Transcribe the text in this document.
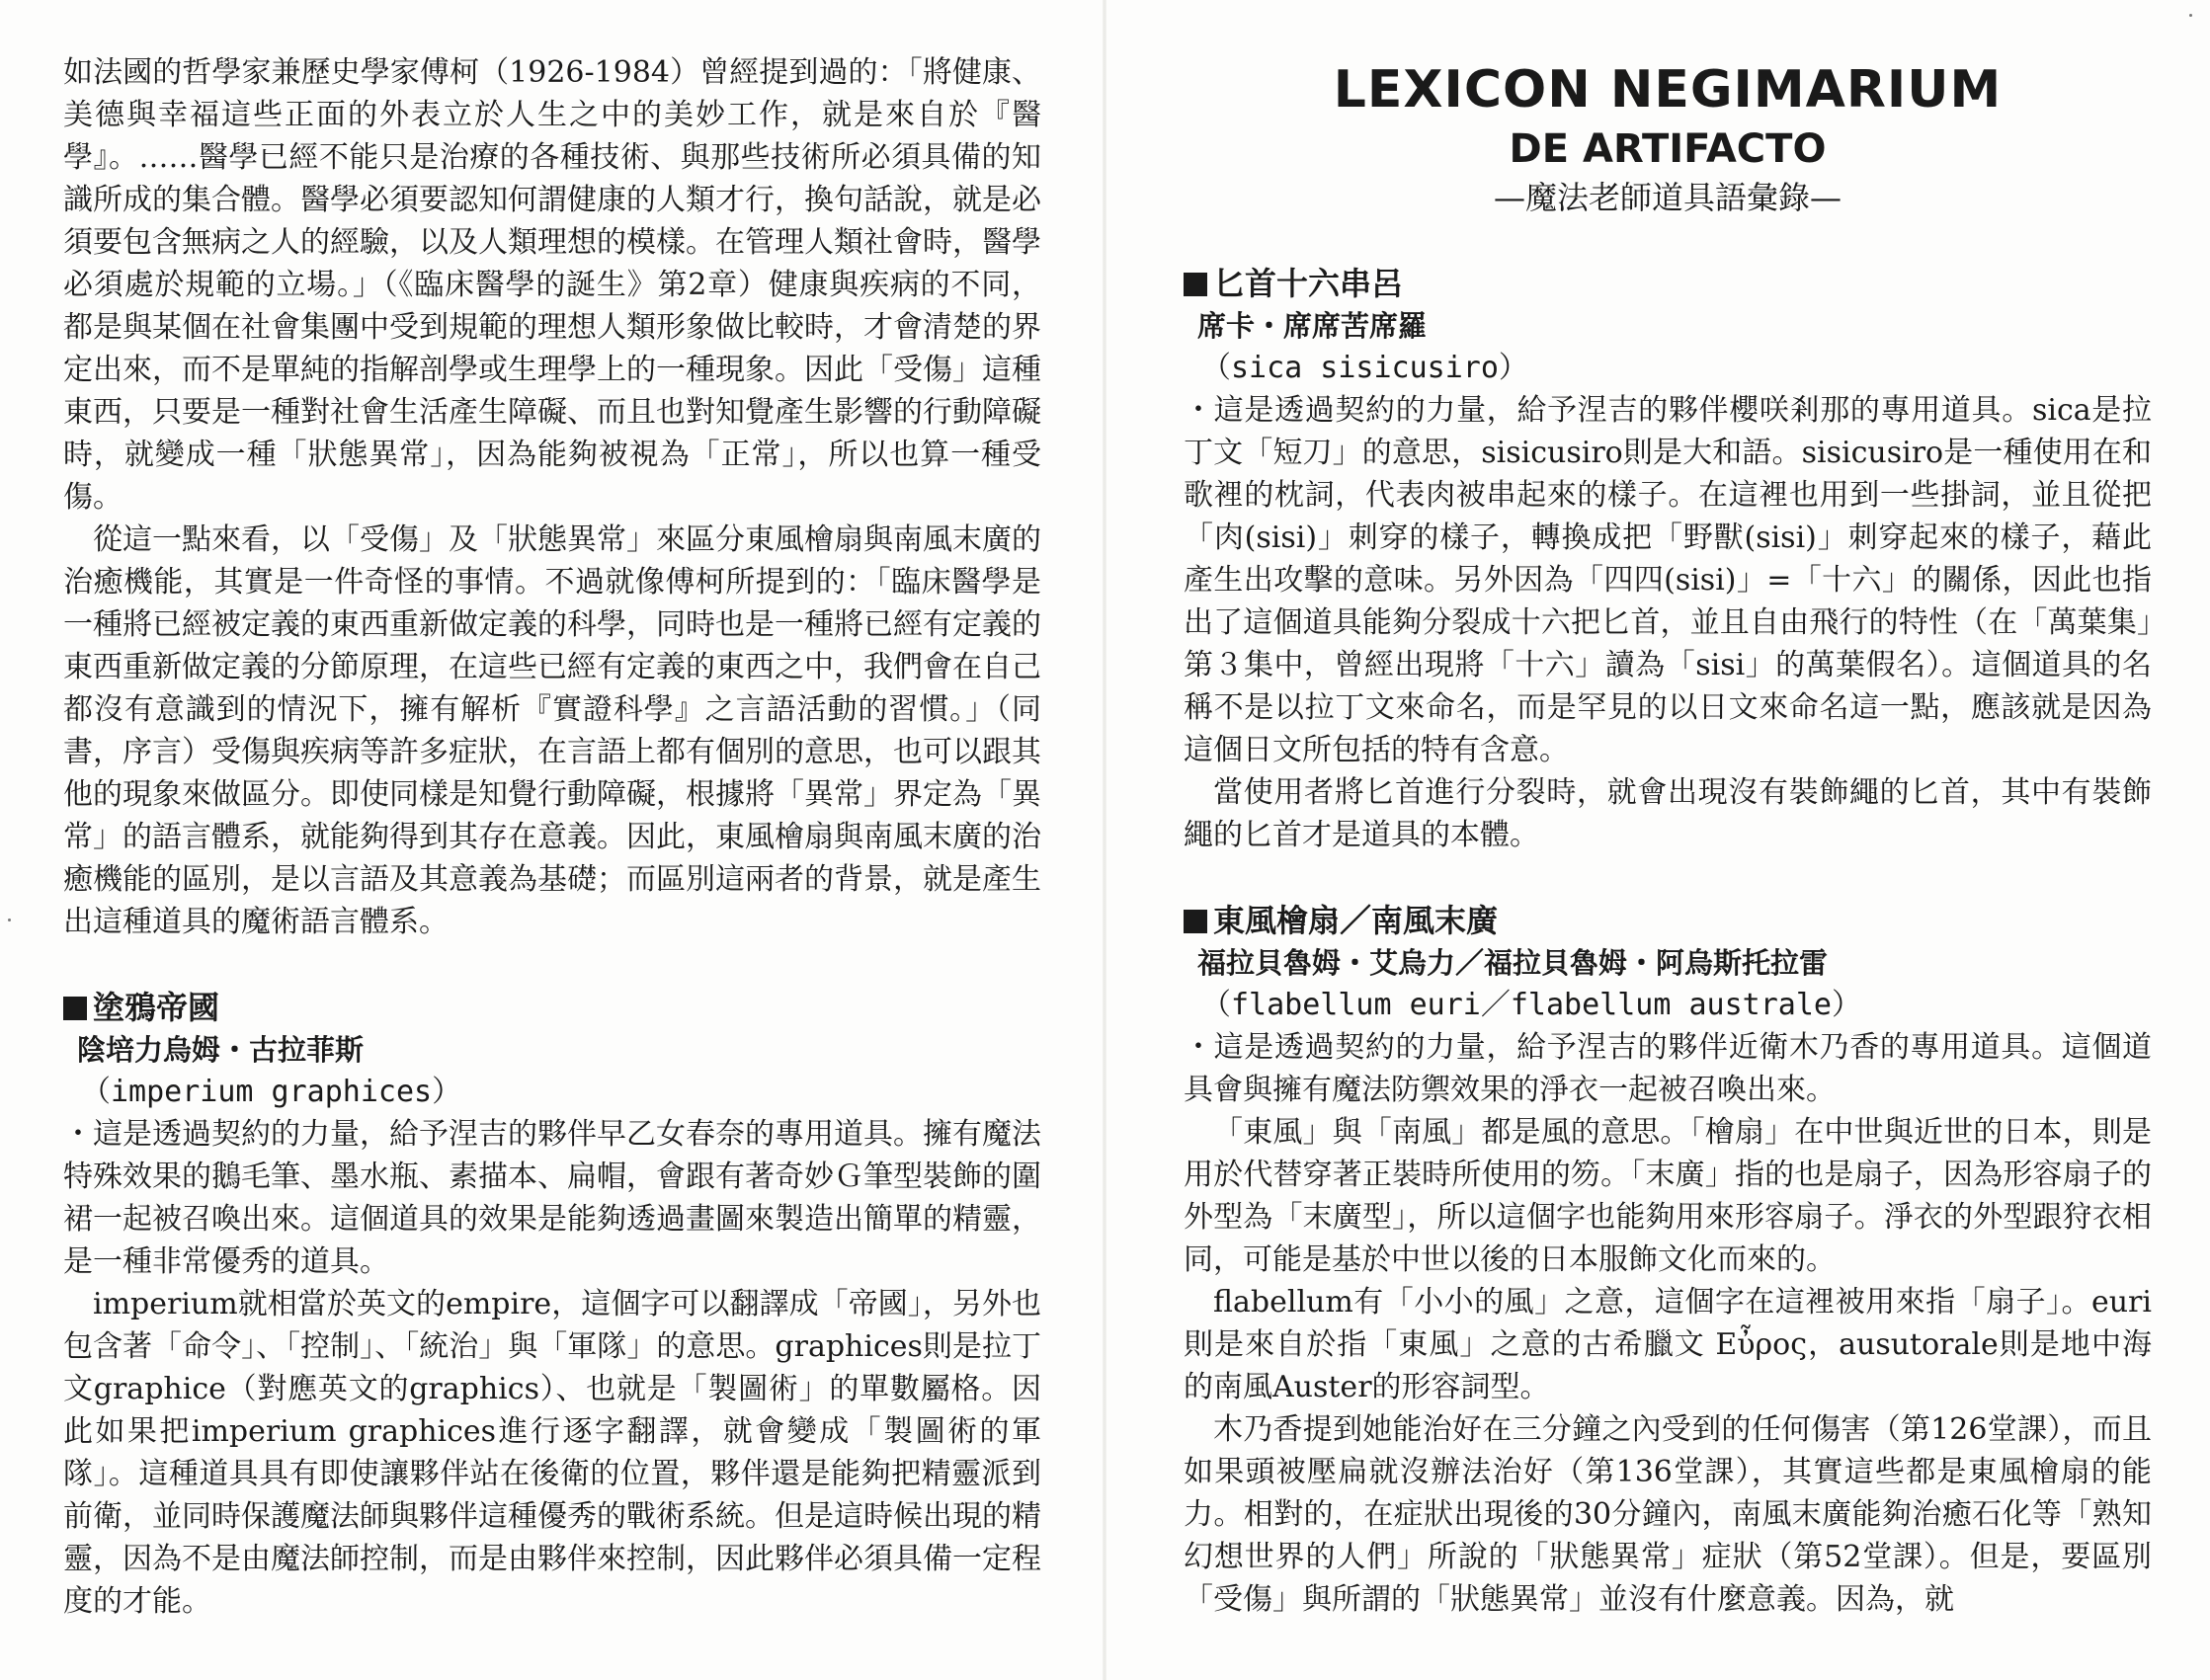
如法國的哲學家兼歷史學家傅柯（1926-1984）曾經提到過的：「將健康、美德與幸福這些正面的外表立於人生之中的美妙工作，就是來自於『醫學』。……醫學已經不能只是治療的各種技術、與那些技術所必須具備的知識所成的集合體。醫學必須要認知何謂健康的人類才行，換句話說，就是必須要包含無病之人的經驗，以及人類理想的模樣。在管理人類社會時，醫學必須處於規範的立場。」（《臨床醫學的誕生》第2章）健康與疾病的不同，都是與某個在社會集團中受到規範的理想人類形象做比較時，才會清楚的界定出來，而不是單純的指解剖學或生理學上的一種現象。因此「受傷」這種東西，只要是一種對社會生活產生障礙、而且也對知覺產生影響的行動障礙時，就變成一種「狀態異常」，因為能夠被視為「正常」，所以也算一種受傷。

從這一點來看，以「受傷」及「狀態異常」來區分東風檜扇與南風末廣的治癒機能，其實是一件奇怪的事情。不過就像傅柯所提到的：「臨床醫學是一種將已經被定義的東西重新做定義的科學，同時也是一種將已經有定義的東西重新做定義的分節原理，在這些已經有定義的東西之中，我們會在自己都沒有意識到的情況下，擁有解析『實證科學』之言語活動的習慣。」（同書，序言）受傷與疾病等許多症狀，在言語上都有個別的意思，也可以跟其他的現象來做區分。即使同樣是知覺行動障礙，根據將「異常」界定為「異常」的語言體系，就能夠得到其存在意義。因此，東風檜扇與南風末廣的治癒機能的區別，是以言語及其意義為基礎；而區別這兩者的背景，就是產生出這種道具的魔術語言體系。

塗鴉帝國
陰培力烏姆・古拉菲斯
（imperium graphices）

・這是透過契約的力量，給予涅吉的夥伴早乙女春奈的專用道具。擁有魔法特殊效果的鵝毛筆、墨水瓶、素描本、扁帽，會跟有著奇妙Ｇ筆型裝飾的圍裙一起被召喚出來。這個道具的效果是能夠透過畫圖來製造出簡單的精靈，是一種非常優秀的道具。

imperium就相當於英文的empire，這個字可以翻譯成「帝國」，另外也包含著「命令」、「控制」、「統治」與「軍隊」的意思。graphices則是拉丁文graphice（對應英文的graphics）、也就是「製圖術」的單數屬格。因此如果把imperium graphices進行逐字翻譯，就會變成「製圖術的軍隊」。這種道具具有即使讓夥伴站在後衛的位置，夥伴還是能夠把精靈派到前衛，並同時保護魔法師與夥伴這種優秀的戰術系統。但是這時候出現的精靈，因為不是由魔法師控制，而是由夥伴來控制，因此夥伴必須具備一定程度的才能。

LEXICON NEGIMARIUM
DE ARTIFACTO
—魔法老師道具語彙錄—
匕首十六串呂
席卡・席席苦席羅
（sica sisicusiro）

・這是透過契約的力量，給予涅吉的夥伴櫻咲剎那的專用道具。sica是拉丁文「短刀」的意思，sisicusiro則是大和語。sisicusiro是一種使用在和歌裡的枕詞，代表肉被串起來的樣子。在這裡也用到一些掛詞，並且從把「肉(sisi)」刺穿的樣子，轉換成把「野獸(sisi)」刺穿起來的樣子，藉此產生出攻擊的意味。另外因為「四四(sisi)」=「十六」的關係，因此也指出了這個道具能夠分裂成十六把匕首，並且自由飛行的特性（在「萬葉集」第３集中，曾經出現將「十六」讀為「sisi」的萬葉假名）。這個道具的名稱不是以拉丁文來命名，而是罕見的以日文來命名這一點，應該就是因為這個日文所包括的特有含意。

當使用者將匕首進行分裂時，就會出現沒有裝飾繩的匕首，其中有裝飾繩的匕首才是道具的本體。

東風檜扇／南風末廣
福拉貝魯姆・艾烏力／福拉貝魯姆・阿烏斯托拉雷
（flabellum euri／flabellum australe）

・這是透過契約的力量，給予涅吉的夥伴近衛木乃香的專用道具。這個道具會與擁有魔法防禦效果的淨衣一起被召喚出來。

「東風」與「南風」都是風的意思。「檜扇」在中世與近世的日本，則是用於代替穿著正裝時所使用的笏。「末廣」指的也是扇子，因為形容扇子的外型為「末廣型」，所以這個字也能夠用來形容扇子。淨衣的外型跟狩衣相同，可能是基於中世以後的日本服飾文化而來的。

flabellum有「小小的風」之意，這個字在這裡被用來指「扇子」。euri則是來自於指「東風」之意的古希臘文 Εὖρος，ausutorale則是地中海的南風Auster的形容詞型。

木乃香提到她能治好在三分鐘之內受到的任何傷害（第126堂課），而且如果頭被壓扁就沒辦法治好（第136堂課），其實這些都是東風檜扇的能力。相對的，在症狀出現後的30分鐘內，南風末廣能夠治癒石化等「熟知幻想世界的人們」所說的「狀態異常」症狀（第52堂課）。但是，要區別「受傷」與所謂的「狀態異常」並沒有什麼意義。因為，就
